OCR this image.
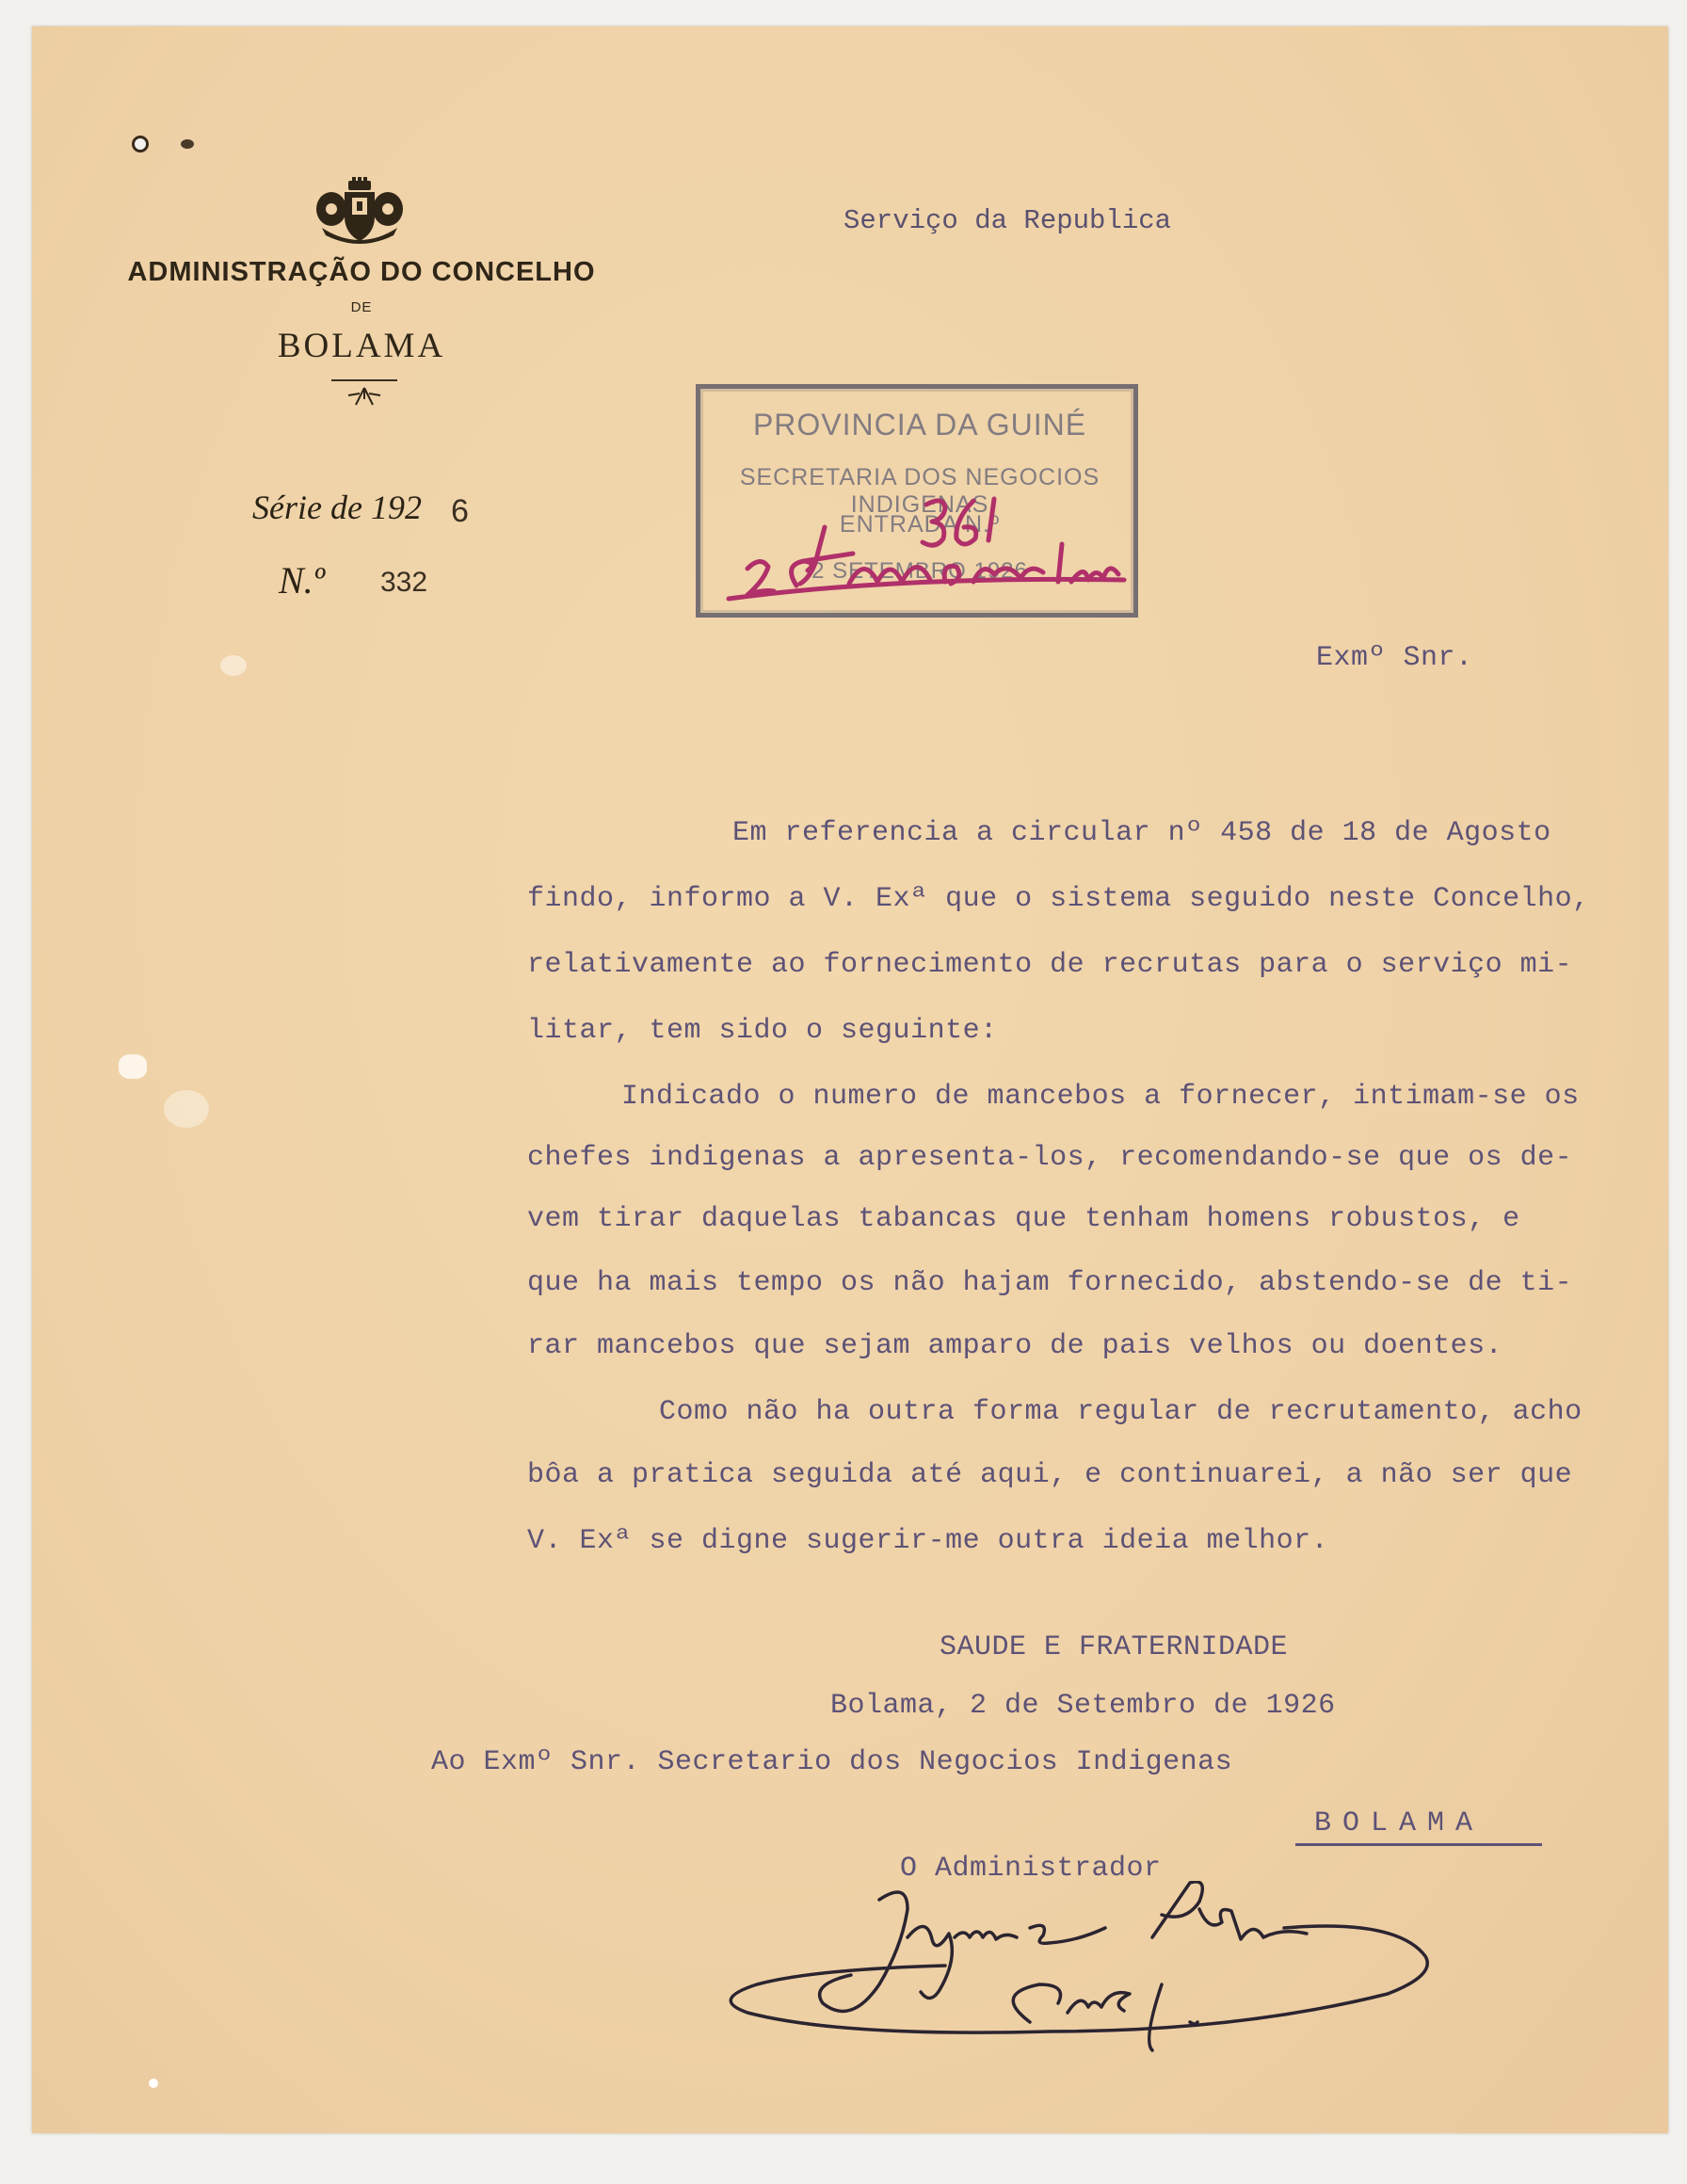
ADMINISTRAÇÃO DO CONCELHO
DE
BOLAMA
Série de 192 6
N.º 332
Serviço da Republica
PROVINCIA DA GUINÉ
SECRETARIA DOS NEGOCIOS INDIGENAS
ENTRADA N.º
2 SETEMBRO 1926
Exmº Snr.
Em referencia a circular nº 458 de 18 de Agosto
findo, informo a V. Exª que o sistema seguido neste Concelho,
relativamente ao fornecimento de recrutas para o serviço mi-
litar, tem sido o seguinte:
Indicado o numero de mancebos a fornecer, intimam-se os
chefes indigenas a apresenta-los, recomendando-se que os de-
vem tirar daquelas tabancas que tenham homens robustos, e
que ha mais tempo os não hajam fornecido, abstendo-se de ti-
rar mancebos que sejam amparo de pais velhos ou doentes.
Como não ha outra forma regular de recrutamento, acho
bôa a pratica seguida até aqui, e continuarei, a não ser que
V. Exª se digne sugerir-me outra ideia melhor.
SAUDE E FRATERNIDADE
Bolama, 2 de Setembro de 1926
Ao Exmº Snr. Secretario dos Negocios Indigenas
BOLAMA
O Administrador
